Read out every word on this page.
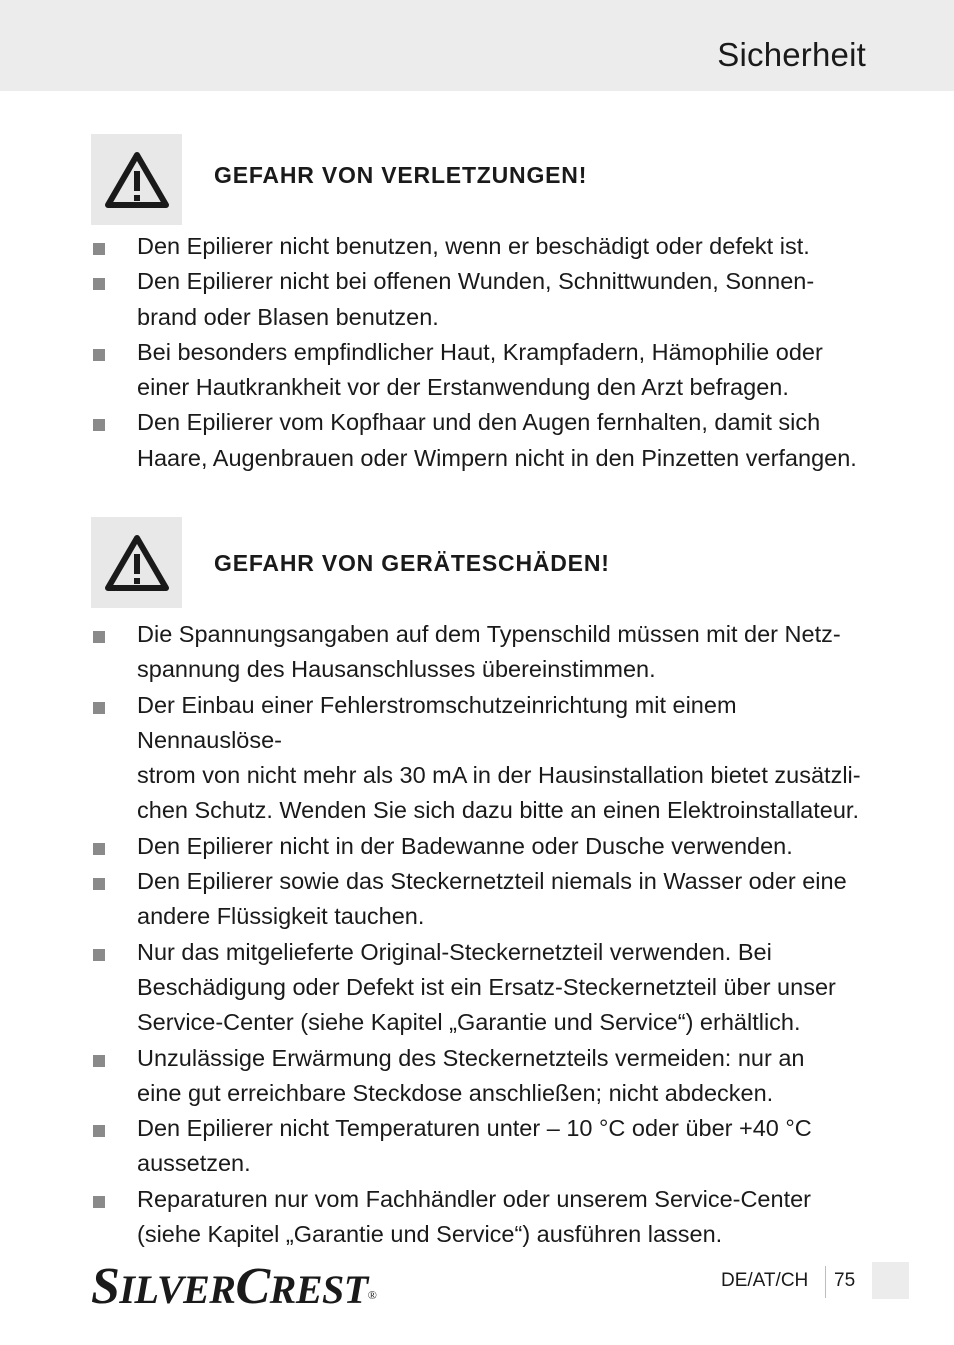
Sicherheit
GEFAHR VON VERLETZUNGEN!
Den Epilierer nicht benutzen, wenn er beschädigt oder defekt ist.
Den Epilierer nicht bei offenen Wunden, Schnittwunden, Sonnen-
brand oder Blasen benutzen.
Bei besonders empfindlicher Haut, Krampfadern, Hämophilie oder
einer Hautkrankheit vor der Erstanwendung den Arzt befragen.
Den Epilierer vom Kopfhaar und den Augen fernhalten, damit sich
Haare, Augenbrauen oder Wimpern nicht in den Pinzetten verfangen.
GEFAHR VON GERÄTESCHÄDEN!
Die Spannungsangaben auf dem Typenschild müssen mit der Netz-
spannung des Hausanschlusses übereinstimmen.
Der Einbau einer Fehlerstromschutzeinrichtung mit einem Nennauslöse-
strom von nicht mehr als 30 mA in der Hausinstallation bietet zusätzli-
chen Schutz. Wenden Sie sich dazu bitte an einen Elektroinstallateur.
Den Epilierer nicht in der Badewanne oder Dusche verwenden.
Den Epilierer sowie das Steckernetzteil niemals in Wasser oder eine
andere Flüssigkeit tauchen.
Nur das mitgelieferte Original-Steckernetzteil verwenden. Bei
Beschädigung oder Defekt ist ein Ersatz-Steckernetzteil über unser
Service-Center (siehe Kapitel „Garantie und Service“) erhältlich.
Unzulässige Erwärmung des Steckernetzteils vermeiden: nur an
eine gut erreichbare Steckdose anschließen; nicht abdecken.
Den Epilierer nicht Temperaturen unter – 10 °C oder über +40 °C
aussetzen.
Reparaturen nur vom Fachhändler oder unserem Service-Center
(siehe Kapitel „Garantie und Service“) ausführen lassen.
SILVERCREST®
DE/AT/CH 75
